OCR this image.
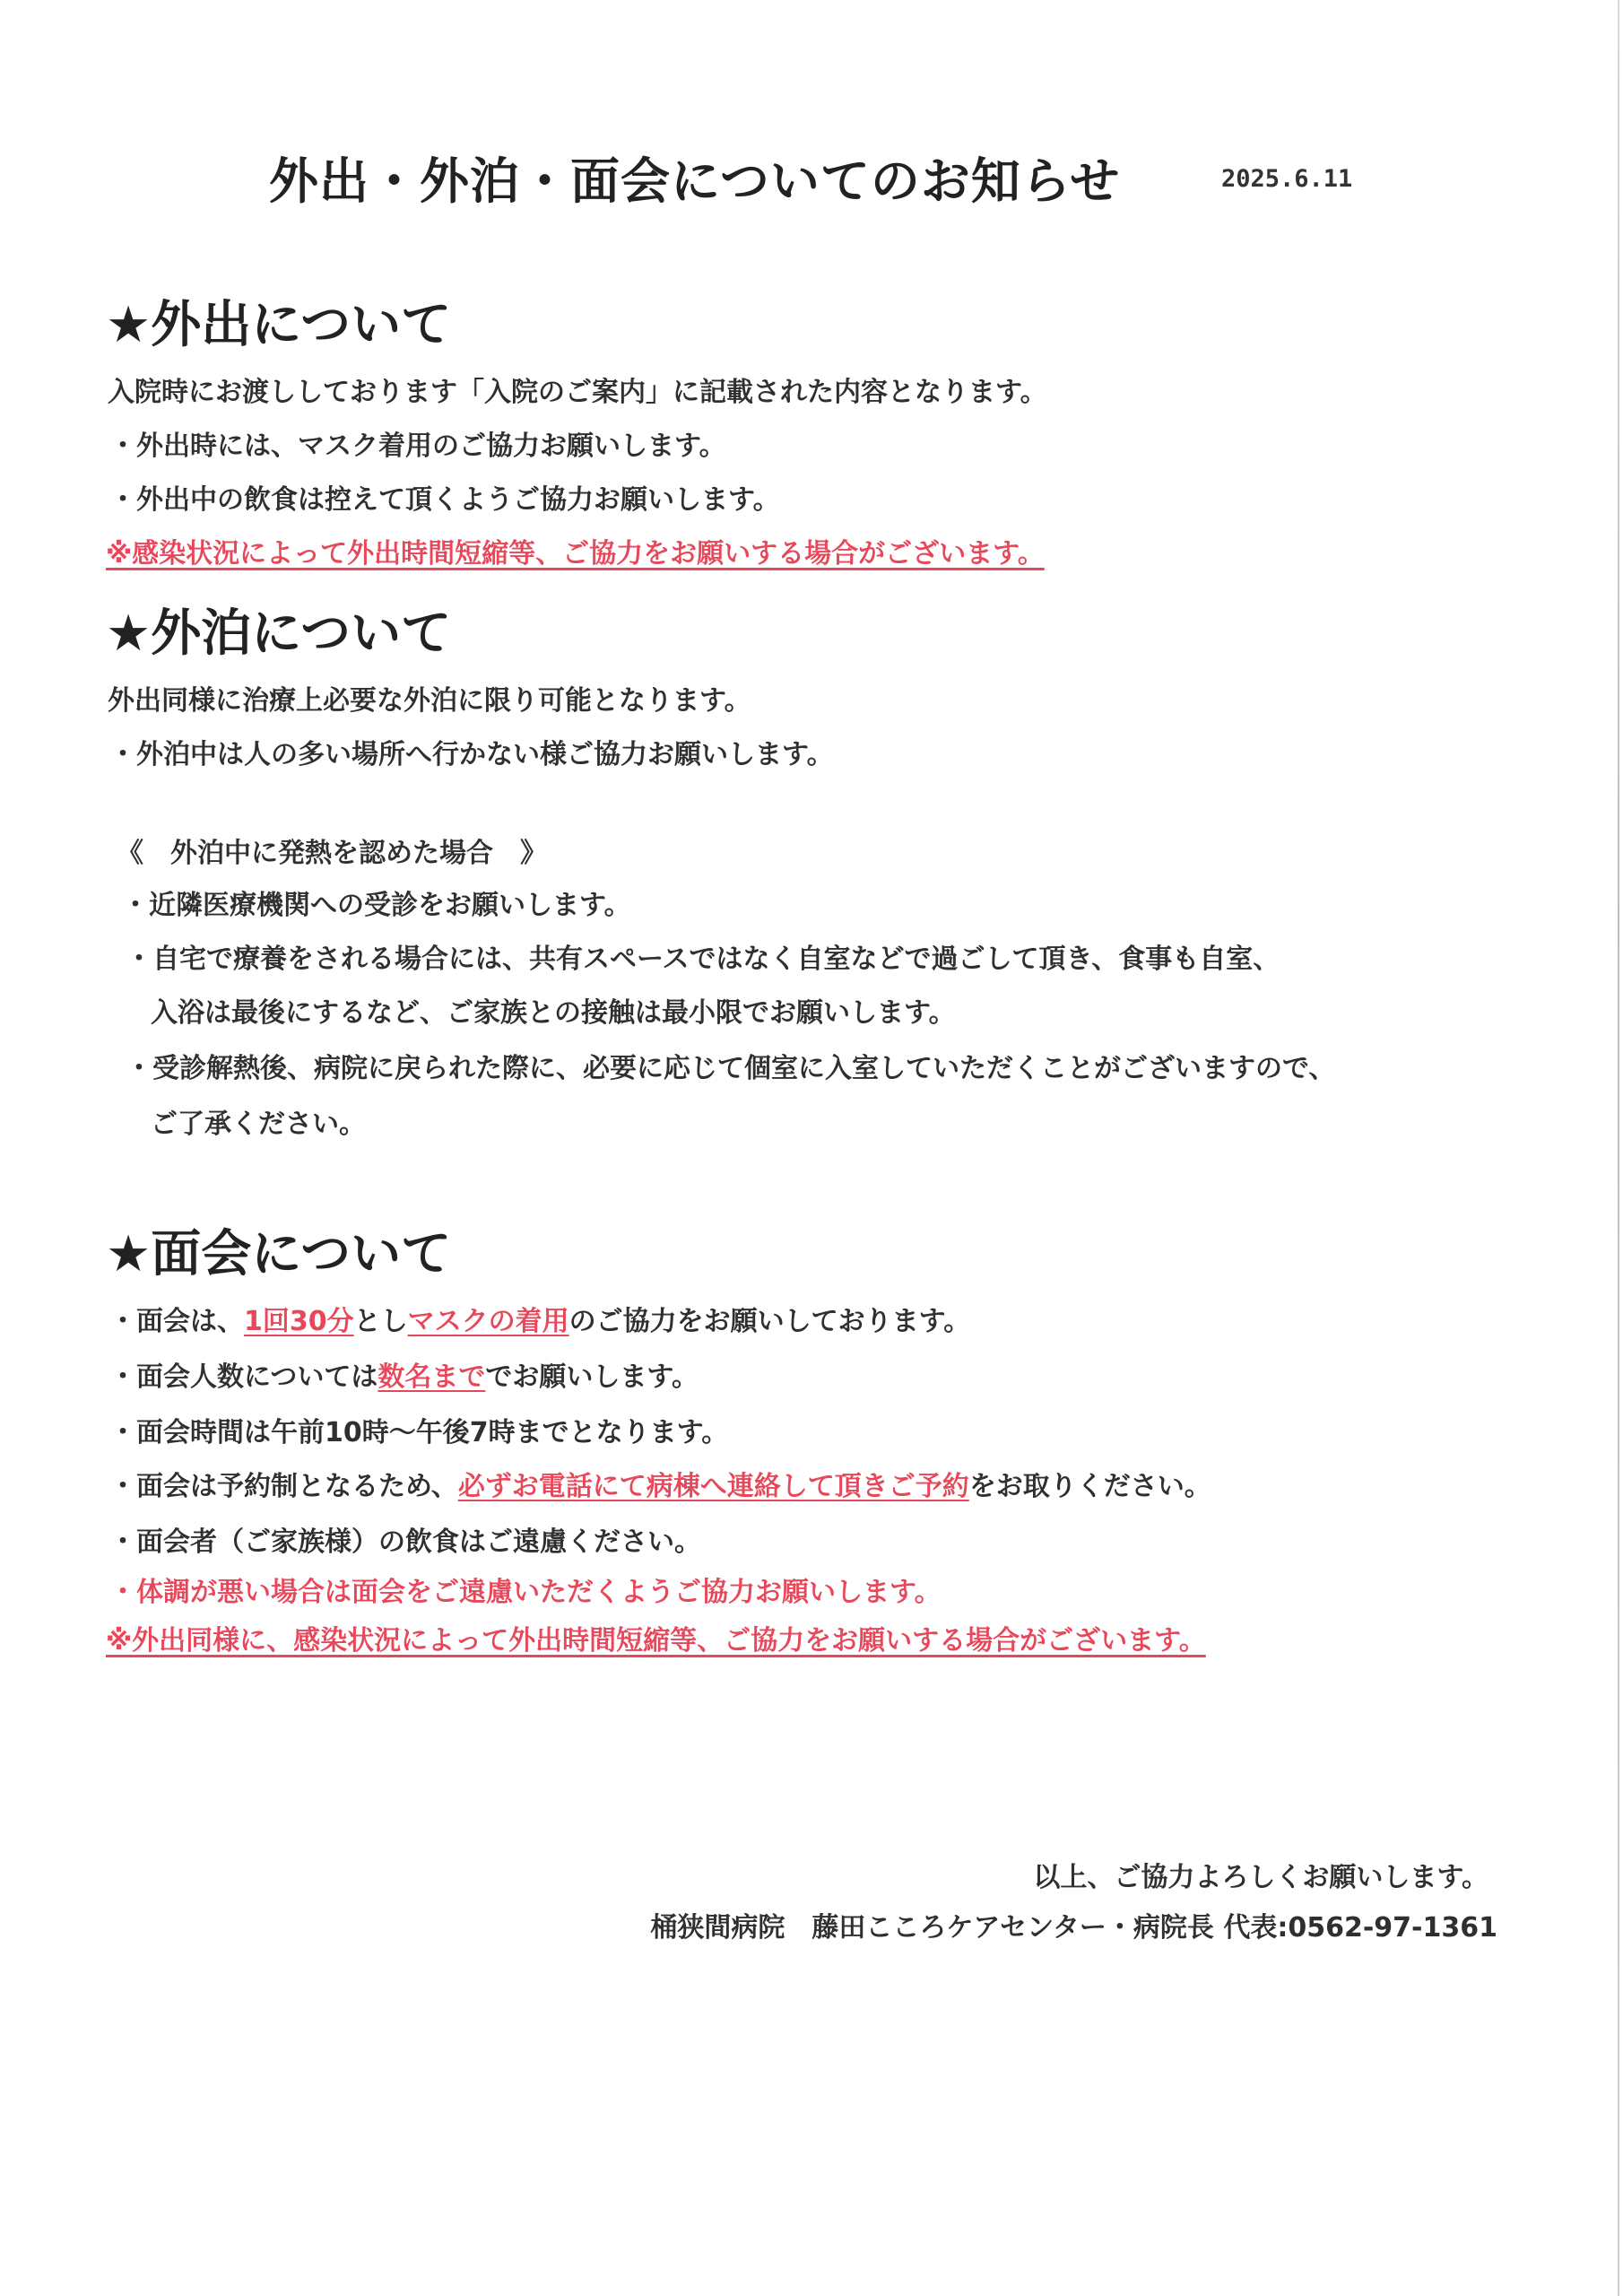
外出・外泊・面会についてのお知らせ	2025.6.11
★外出について
入院時にお渡ししております「入院のご案内」に記載された内容となります。
・外出時には、マスク着用のご協力お願いします。
・外出中の飲食は控えて頂くようご協力お願いします。
※感染状況によって外出時間短縮等、ご協力をお願いする場合がございます。
★外泊について
外出同様に治療上必要な外泊に限り可能となります。
・外泊中は人の多い場所へ行かない様ご協力お願いします。
《　外泊中に発熱を認めた場合　》
・近隣医療機関への受診をお願いします。
・自宅で療養をされる場合には、共有スペースではなく自室などで過ごして頂き、食事も自室、
入浴は最後にするなど、ご家族との接触は最小限でお願いします。
・受診解熱後、病院に戻られた際に、必要に応じて個室に入室していただくことがございますので、
ご了承ください。
★面会について
・面会は、1回30分としマスクの着用のご協力をお願いしております。
・面会人数については数名まででお願いします。
・面会時間は午前10時～午後7時までとなります。
・面会は予約制となるため、必ずお電話にて病棟へ連絡して頂きご予約をお取りください。
・面会者（ご家族様）の飲食はご遠慮ください。
・体調が悪い場合は面会をご遠慮いただくようご協力お願いします。
※外出同様に、感染状況によって外出時間短縮等、ご協力をお願いする場合がございます。
以上、ご協力よろしくお願いします。
桶狭間病院　藤田こころケアセンター・病院長 代表:0562-97-1361
